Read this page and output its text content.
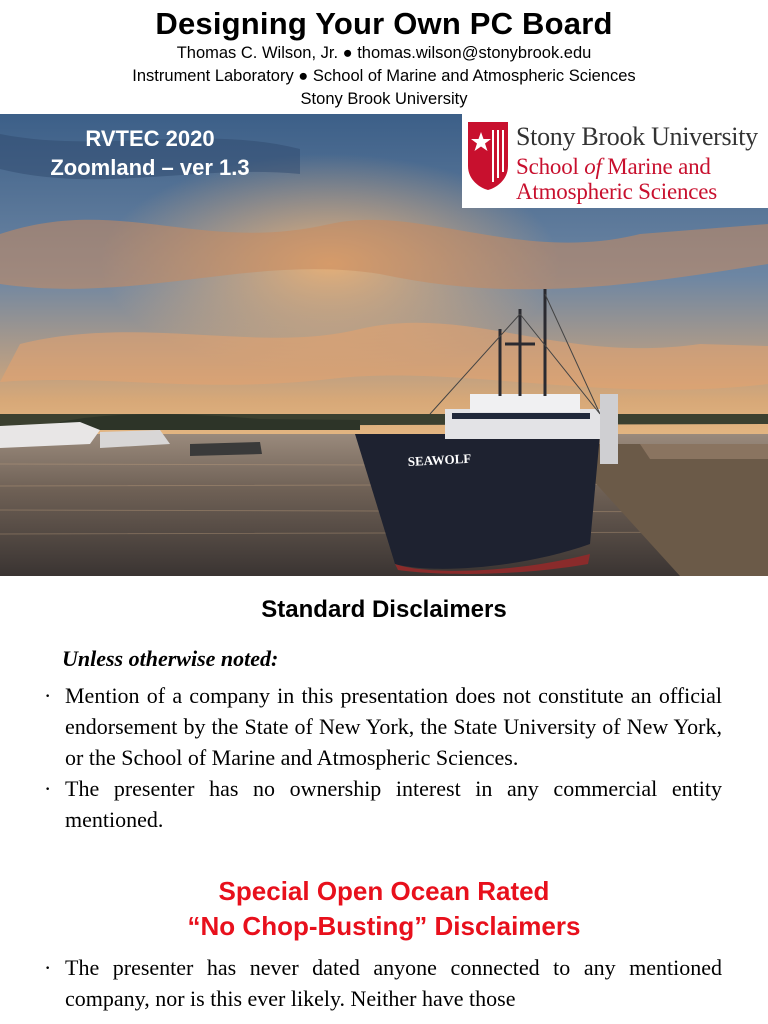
Designing Your Own PC Board
Thomas C. Wilson, Jr. ● thomas.wilson@stonybrook.edu
Instrument Laboratory ● School of Marine and Atmospheric Sciences
Stony Brook University
SEAWOLF
RVTEC 2020
Zoomland – ver 1.3
Stony Brook University
School of Marine and
Atmospheric Sciences
Standard Disclaimers
Unless otherwise noted:
· Mention of a company in this presentation does not constitute an official endorsement by the State of New York, the State University of New York, or the School of Marine and Atmospheric Sciences.
· The presenter has no ownership interest in any commercial entity mentioned.
Special Open Ocean Rated
“No Chop-Busting” Disclaimers
· The presenter has never dated anyone connected to any mentioned company, nor is this ever likely. Neither have those
